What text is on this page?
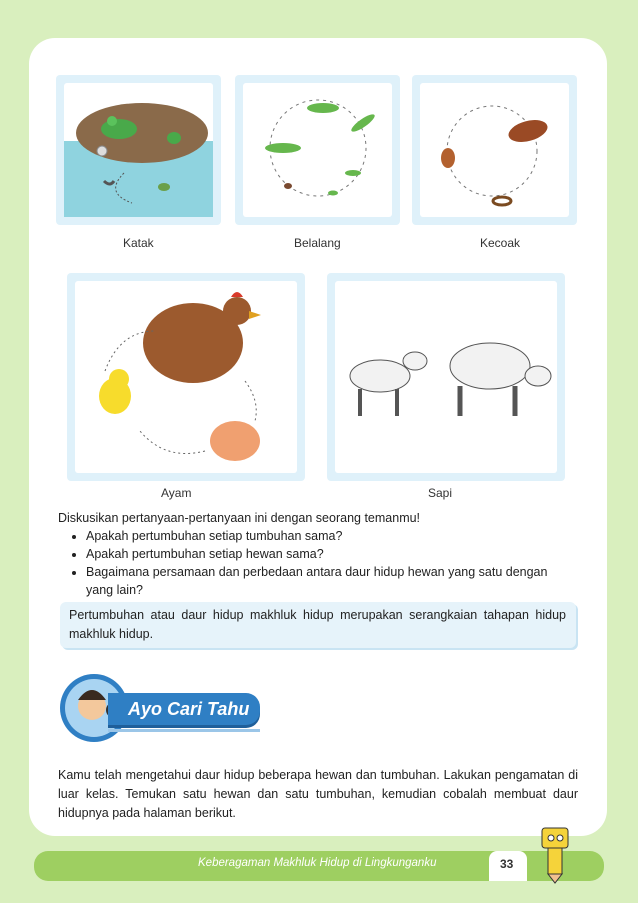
Katak	Belalang	Kecoak
Ayam	Sapi
Diskusikan pertanyaan-pertanyaan ini dengan seorang temanmu!
• Apakah pertumbuhan setiap tumbuhan sama?
• Apakah pertumbuhan setiap hewan sama?
• Bagaimana persamaan dan perbedaan antara daur hidup hewan yang satu dengan yang lain?

Pertumbuhan atau daur hidup makhluk hidup merupakan serangkaian tahapan hidup makhluk hidup.

Ayo Cari Tahu
Kamu telah mengetahui daur hidup beberapa hewan dan tumbuhan. Lakukan pengamatan di luar kelas. Temukan satu hewan dan satu tumbuhan, kemudian cobalah membuat daur hidupnya pada halaman berikut.
Keberagaman Makhluk Hidup di Lingkunganku	33
